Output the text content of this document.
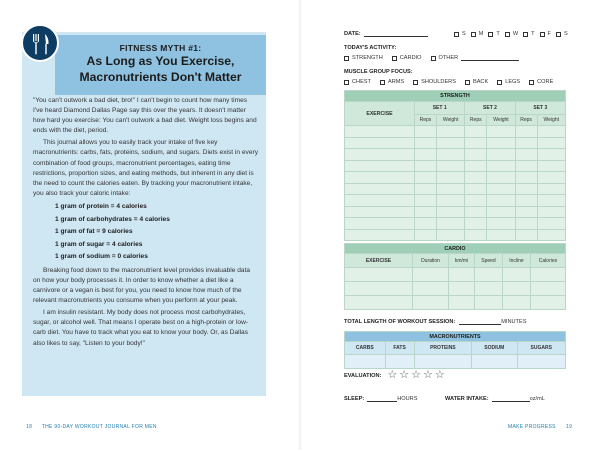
FITNESS MYTH #1:
As Long as You Exercise,
Macronutrients Don't Matter

"You can't outwork a bad diet, bro!" I can't begin to count how many times I've heard Diamond Dallas Page say this over the years. It doesn't matter how hard you exercise: You can't outwork a bad diet. Weight loss begins and ends with the diet, period.

This journal allows you to easily track your intake of five key macronutrients: carbs, fats, proteins, sodium, and sugars. Diets exist in every combination of food groups, macronutrient percentages, eating time restrictions, proportion sizes, and eating methods, but inherent in any diet is the need to count the calories eaten. By tracking your macronutrient intake, you also track your caloric intake:

1 gram of protein = 4 calories
1 gram of carbohydrates = 4 calories
1 gram of fat = 9 calories
1 gram of sugar = 4 calories
1 gram of sodium = 0 calories

Breaking food down to the macronutrient level provides invaluable data on how your body processes it. In order to know whether a diet like a carnivore or a vegan is best for you, you need to know how much of the relevant macronutrients you consume when you perform at your peak.

I am insulin resistant. My body does not process most carbohydrates, sugar, or alcohol well. That means I operate best on a high-protein or low-carb diet. You have to track what you eat to know your body. Or, as Dallas also likes to say, "Listen to your body!"

18 THE 90-DAY WORKOUT JOURNAL FOR MEN
DATE:	S M T W T F S
TODAY'S ACTIVITY:
STRENGTH	CARDIO	OTHER
MUSCLE GROUP FOCUS:
CHEST	ARMS	SHOULDERS	BACK	LEGS	CORE
STRENGTH						
EXERCISE	SET 1		SET 2		SET 3	
	Reps	Weight	Reps	Weight	Reps	Weight

CARDIO					
EXERCISE	Duration	km/mi	Speed	Incline	Calories

TOTAL LENGTH OF WORKOUT SESSION:	MINUTES
MACRONUTRIENTS				
CARBS	FATS	PROTEINS	SODIUM	SUGARS

EVALUATION: ☆ ☆ ☆ ☆ ☆
SLEEP:	HOURS	WATER INTAKE:	oz/mL
MAKE PROGRESS 19
